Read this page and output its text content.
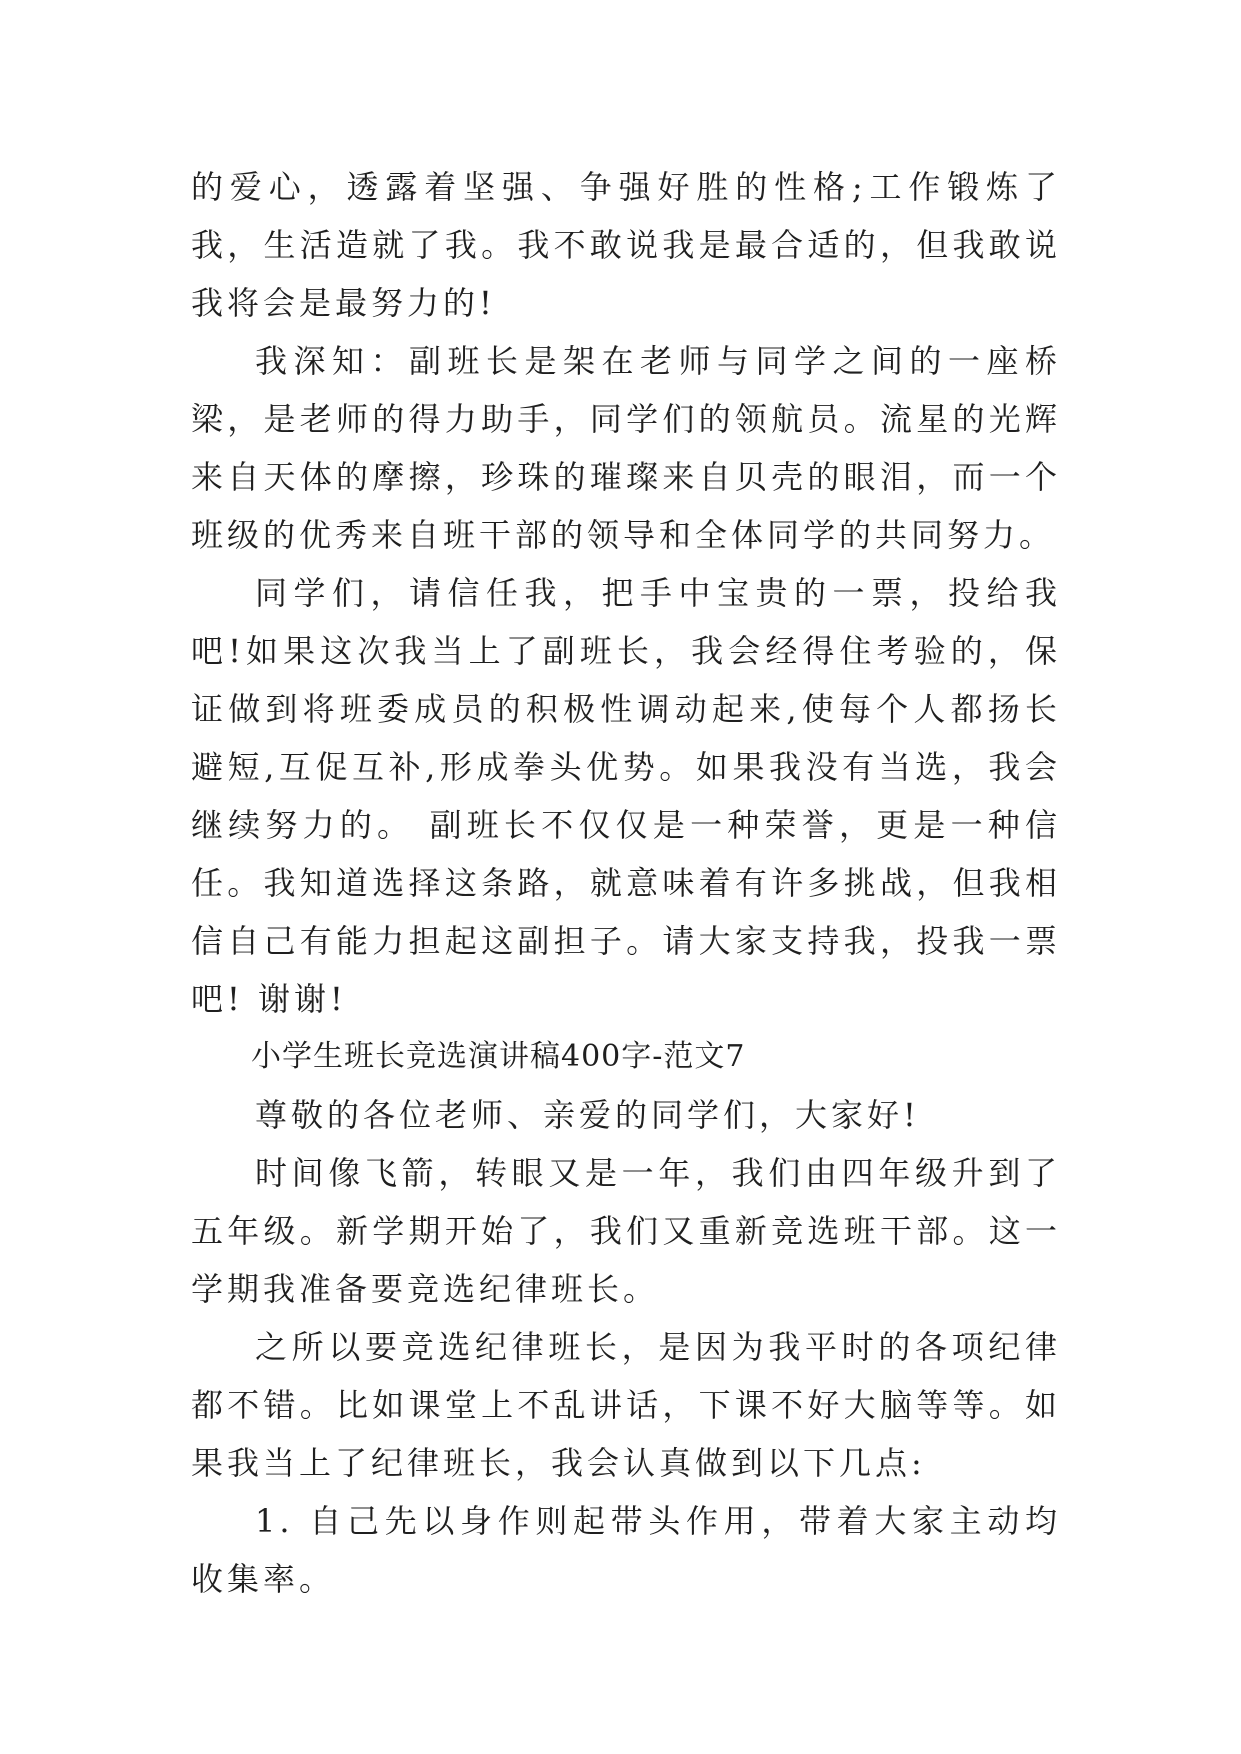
的爱心，透露着坚强、争强好胜的性格;工作锻炼了我，生活造就了我。我不敢说我是最合适的，但我敢说我将会是最努力的!

我深知：副班长是架在老师与同学之间的一座桥梁，是老师的得力助手，同学们的领航员。流星的光辉来自天体的摩擦，珍珠的璀璨来自贝壳的眼泪，而一个班级的优秀来自班干部的领导和全体同学的共同努力。

同学们，请信任我，把手中宝贵的一票，投给我吧!如果这次我当上了副班长，我会经得住考验的，保证做到将班委成员的积极性调动起来,使每个人都扬长避短,互促互补,形成拳头优势。如果我没有当选，我会继续努力的。 副班长不仅仅是一种荣誉，更是一种信任。我知道选择这条路，就意味着有许多挑战，但我相信自己有能力担起这副担子。请大家支持我，投我一票吧! 谢谢!

小学生班长竞选演讲稿400字-范文7

尊敬的各位老师、亲爱的同学们，大家好!

时间像飞箭，转眼又是一年，我们由四年级升到了五年级。新学期开始了，我们又重新竞选班干部。这一学期我准备要竞选纪律班长。

之所以要竞选纪律班长，是因为我平时的各项纪律都不错。比如课堂上不乱讲话，下课不好大脑等等。如果我当上了纪律班长，我会认真做到以下几点:

1. 自己先以身作则起带头作用，带着大家主动均收集率。
